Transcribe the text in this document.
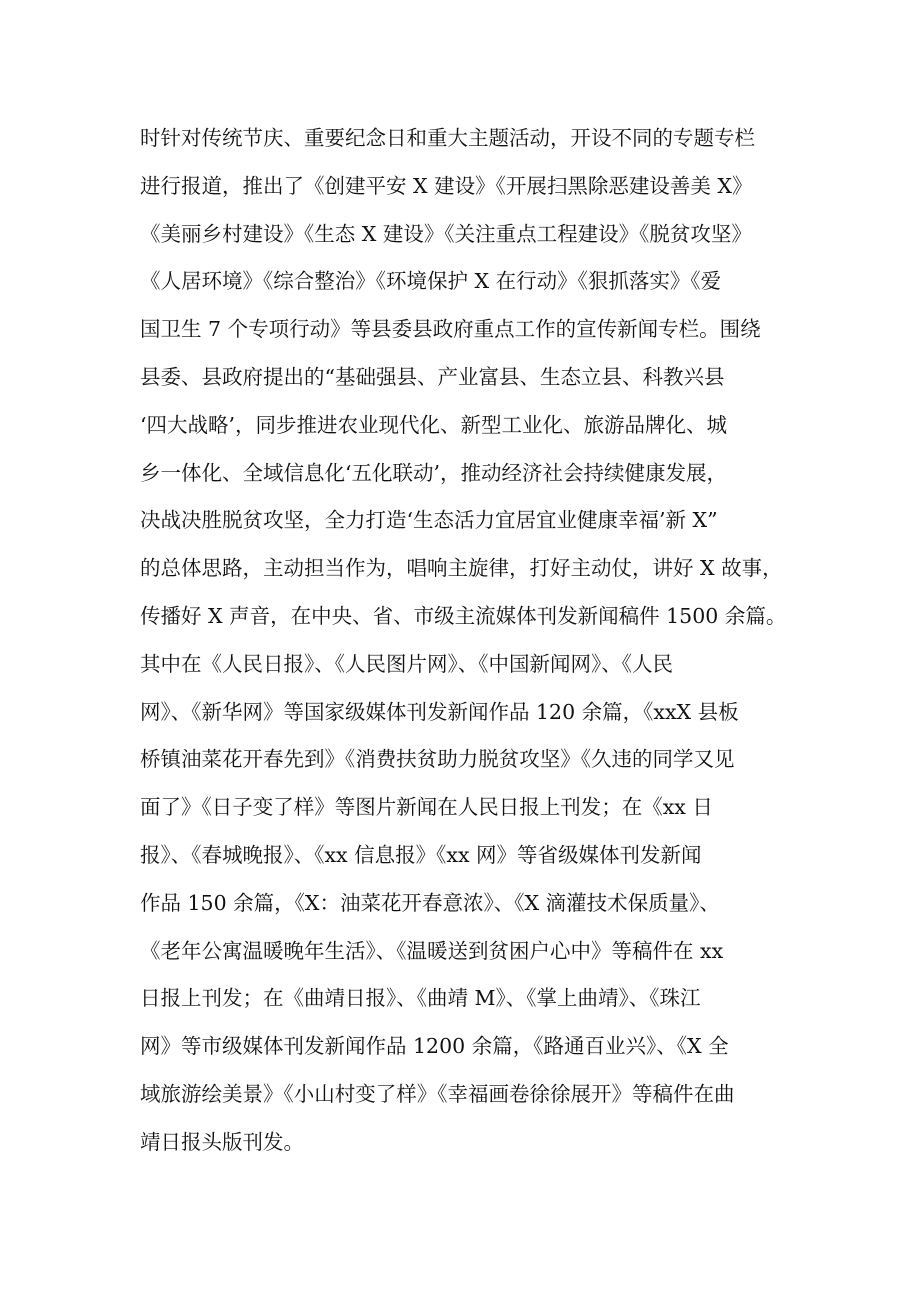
时针对传统节庆、重要纪念日和重大主题活动，开设不同的专题专栏
进行报道，推出了《创建平安 X 建设》《开展扫黑除恶建设善美 X》
《美丽乡村建设》《生态 X 建设》《关注重点工程建设》《脱贫攻坚》
《人居环境》《综合整治》《环境保护 X 在行动》《狠抓落实》《爱
国卫生 7 个专项行动》等县委县政府重点工作的宣传新闻专栏。围绕
县委、县政府提出的“基础强县、产业富县、生态立县、科教兴县
‘四大战略’，同步推进农业现代化、新型工业化、旅游品牌化、城
乡一体化、全域信息化‘五化联动’，推动经济社会持续健康发展，
决战决胜脱贫攻坚，全力打造‘生态活力宜居宜业健康幸福’新 X”
的总体思路，主动担当作为，唱响主旋律，打好主动仗，讲好 X 故事，
传播好 X 声音，在中央、省、市级主流媒体刊发新闻稿件 1500 余篇。
其中在《人民日报》、《人民图片网》、《中国新闻网》、《人民
网》、《新华网》等国家级媒体刊发新闻作品 120 余篇，《xxX 县板
桥镇油菜花开春先到》《消费扶贫助力脱贫攻坚》《久违的同学又见
面了》《日子变了样》等图片新闻在人民日报上刊发；在《xx 日
报》、《春城晚报》、《xx 信息报》《xx 网》等省级媒体刊发新闻
作品 150 余篇，《X：油菜花开春意浓》、《X 滴灌技术保质量》、
《老年公寓温暖晚年生活》、《温暖送到贫困户心中》等稿件在 xx
日报上刊发；在《曲靖日报》、《曲靖 M》、《掌上曲靖》、《珠江
网》等市级媒体刊发新闻作品 1200 余篇，《路通百业兴》、《X 全
域旅游绘美景》《小山村变了样》《幸福画卷徐徐展开》等稿件在曲
靖日报头版刊发。
